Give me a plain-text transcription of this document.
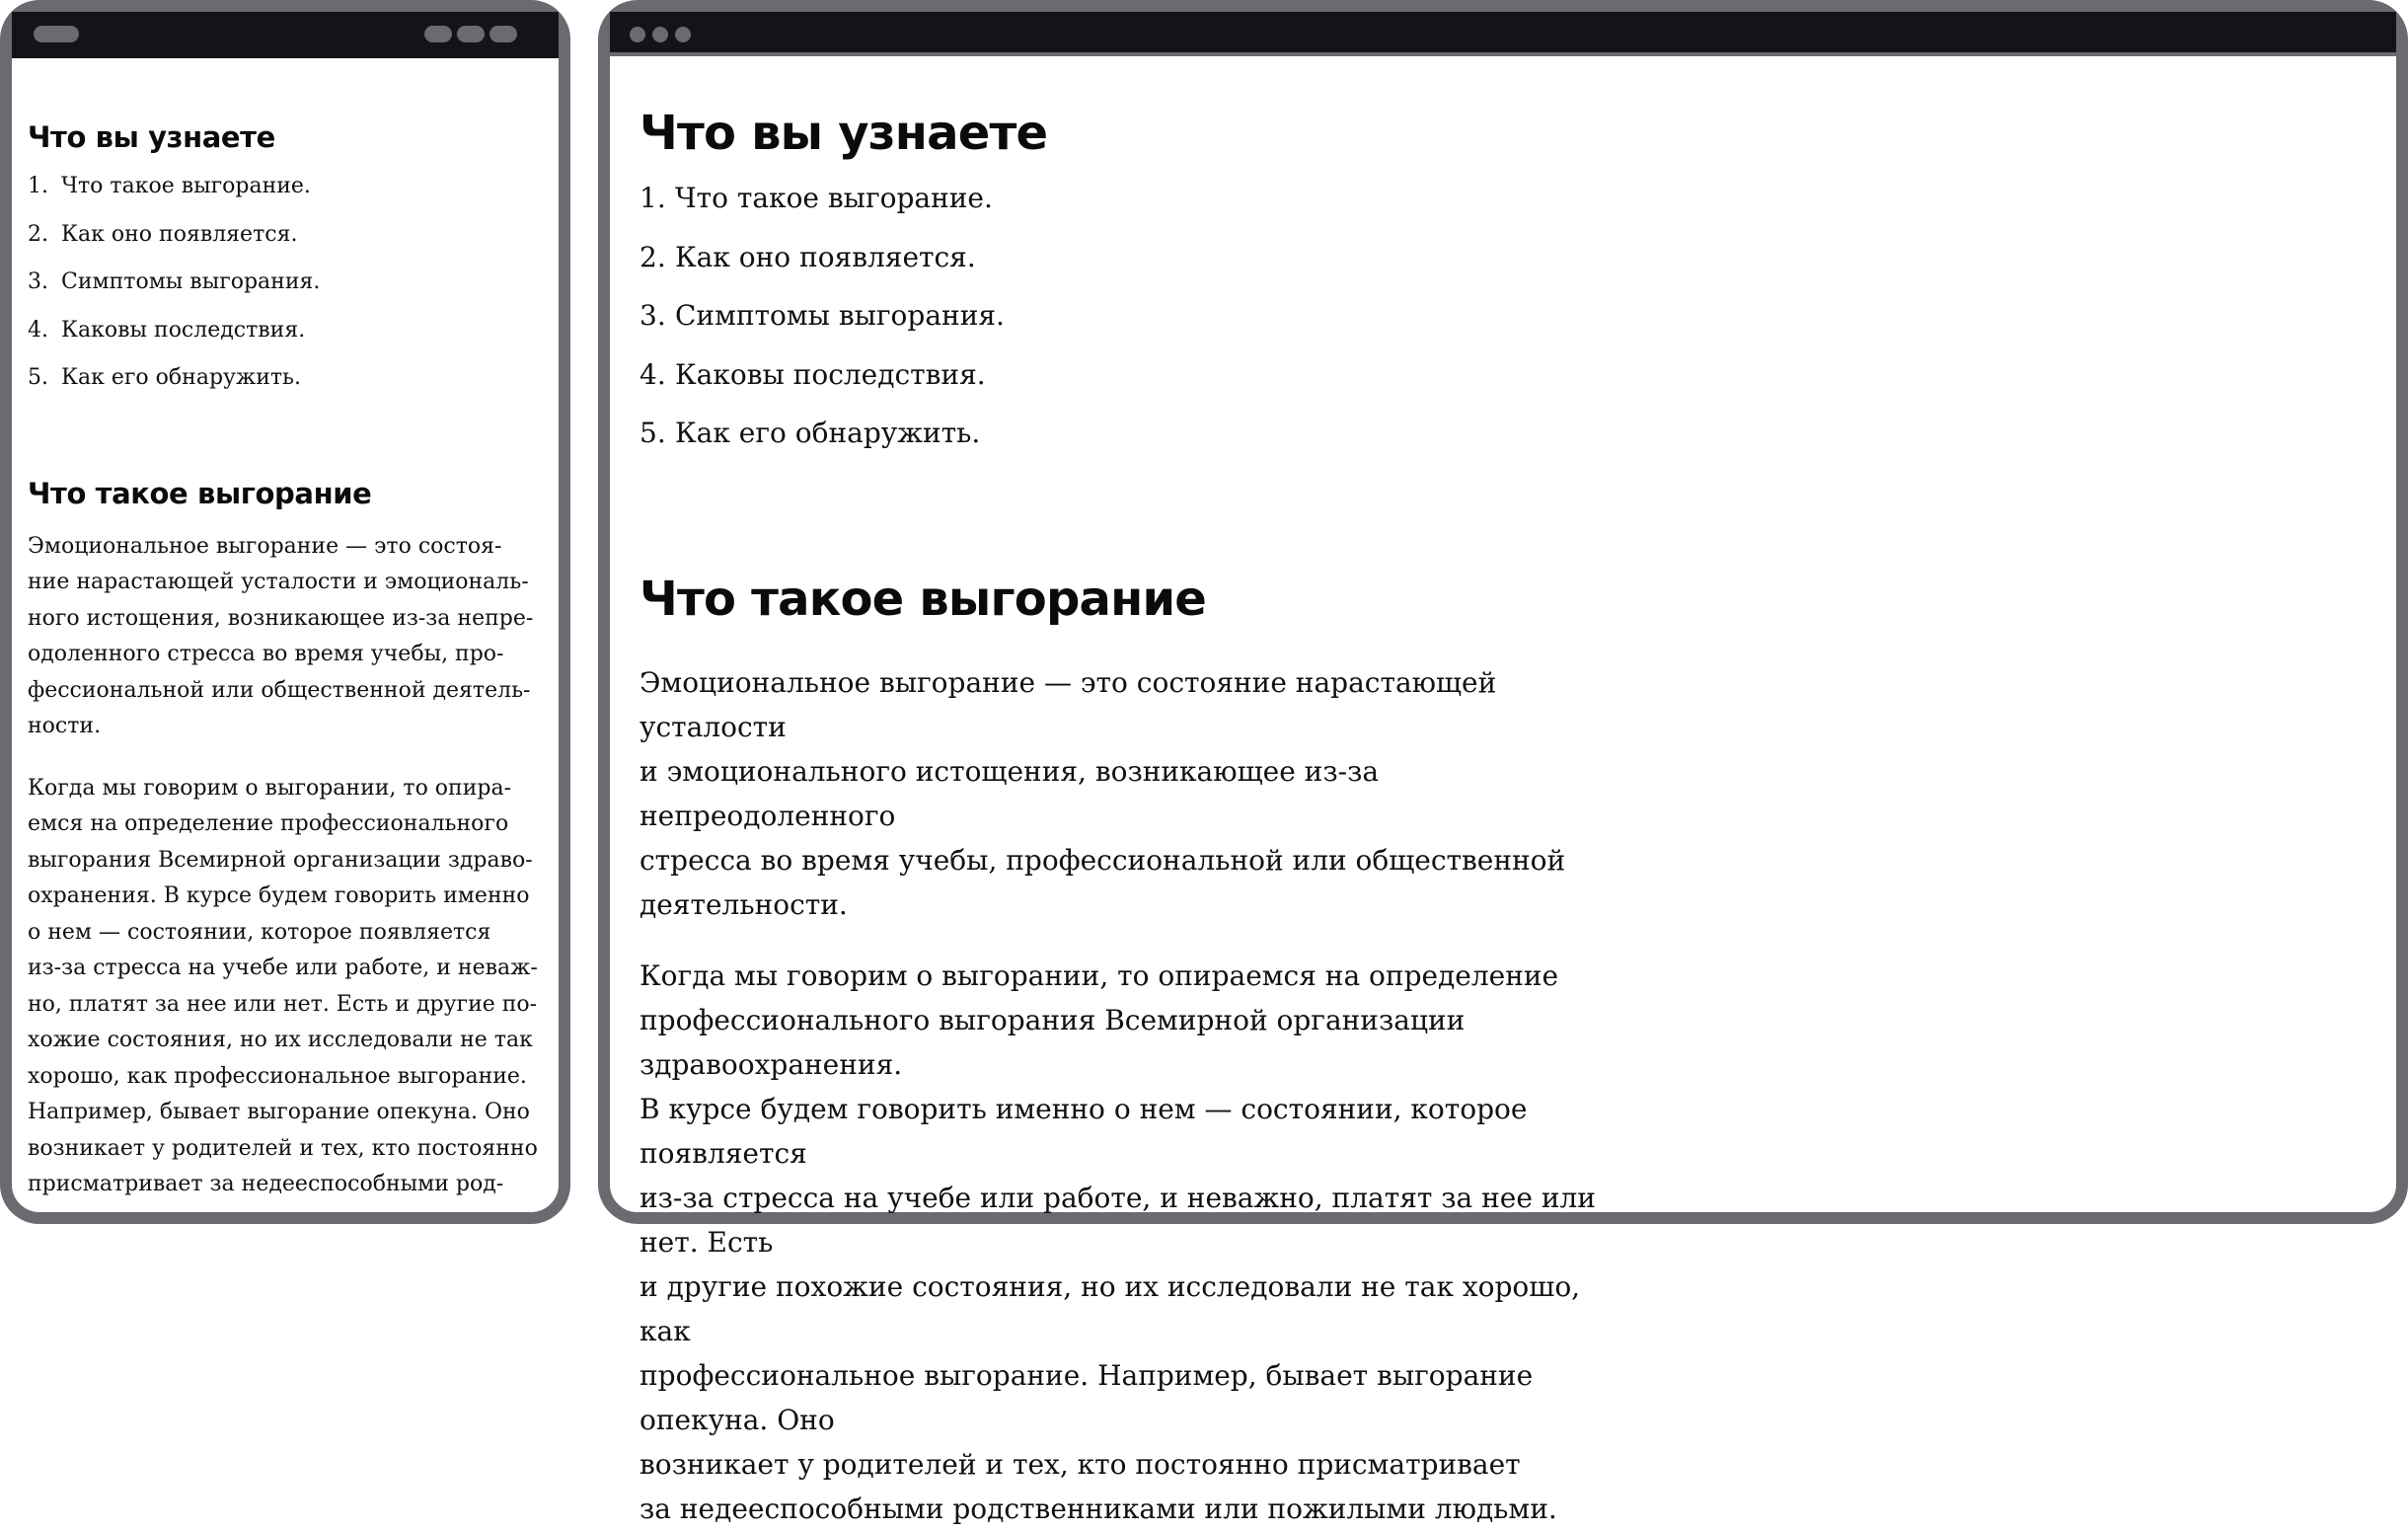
Что вы узнаете
1. Что такое выгорание.
2. Как оно появляется.
3. Симптомы выгорания.
4. Каковы последствия.
5. Как его обнаружить.
Что такое выгорание

Эмоциональное выгорание — это состоя-
ние нарастающей усталости и эмоциональ-
ного истощения, возникающее из-за непре-
одоленного стресса во время учебы, про-
фессиональной или общественной деятель-
ности.

Когда мы говорим о выгорании, то опира-
емся на определение профессионального
выгорания Всемирной организации здраво-
охранения. В курсе будем говорить именно
о нем — состоянии, которое появляется
из-за стресса на учебе или работе, и неваж-
но, платят за нее или нет. Есть и другие по-
хожие состояния, но их исследовали не так
хорошо, как профессиональное выгорание.
Например, бывает выгорание опекуна. Оно
возникает у родителей и тех, кто постоянно
присматривает за недееспособными род-

Что вы узнаете
1. Что такое выгорание.
2. Как оно появляется.
3. Симптомы выгорания.
4. Каковы последствия.
5. Как его обнаружить.
Что такое выгорание

Эмоциональное выгорание — это состояние нарастающей усталости
и эмоционального истощения, возникающее из-за непреодоленного
стресса во время учебы, профессиональной или общественной
деятельности.

Когда мы говорим о выгорании, то опираемся на определение
профессионального выгорания Всемирной организации здравоохранения.
В курсе будем говорить именно о нем — состоянии, которое появляется
из-за стресса на учебе или работе, и неважно, платят за нее или нет. Есть
и другие похожие состояния, но их исследовали не так хорошо, как
профессиональное выгорание. Например, бывает выгорание опекуна. Оно
возникает у родителей и тех, кто постоянно присматривает
за недееспособными родственниками или пожилыми людьми.
